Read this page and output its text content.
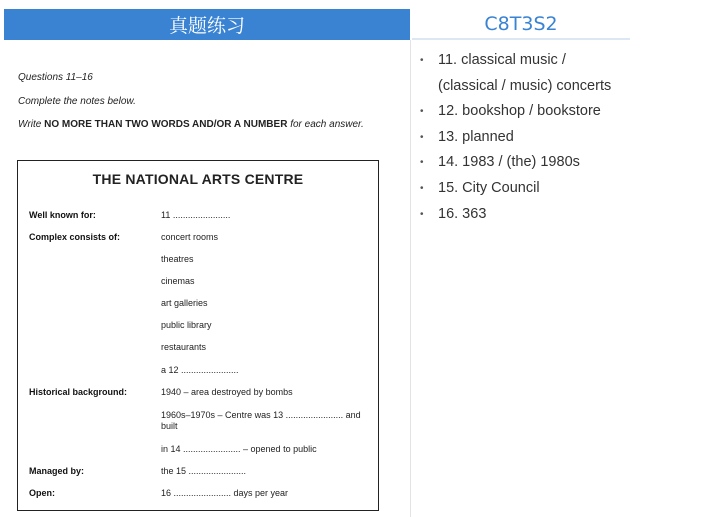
真题练习	C8T3S2
Questions 11–16
Complete the notes below.
Write NO MORE THAN TWO WORDS AND/OR A NUMBER for each answer.
THE NATIONAL ARTS CENTRE
Well known for:	11 .......................
Complex consists of:	concert rooms
theatres
cinemas
art galleries
public library
restaurants
a 12 .......................
Historical background:	1940 – area destroyed by bombs
1960s–1970s – Centre was 13 ....................... and
built
in 14 ....................... – opened to public
Managed by:	the 15 .......................
Open:	16 ....................... days per year
• 11. classical music /
(classical / music) concerts
• 12. bookshop / bookstore
• 13. planned
• 14. 1983 / (the) 1980s
• 15. City Council
• 16. 363
